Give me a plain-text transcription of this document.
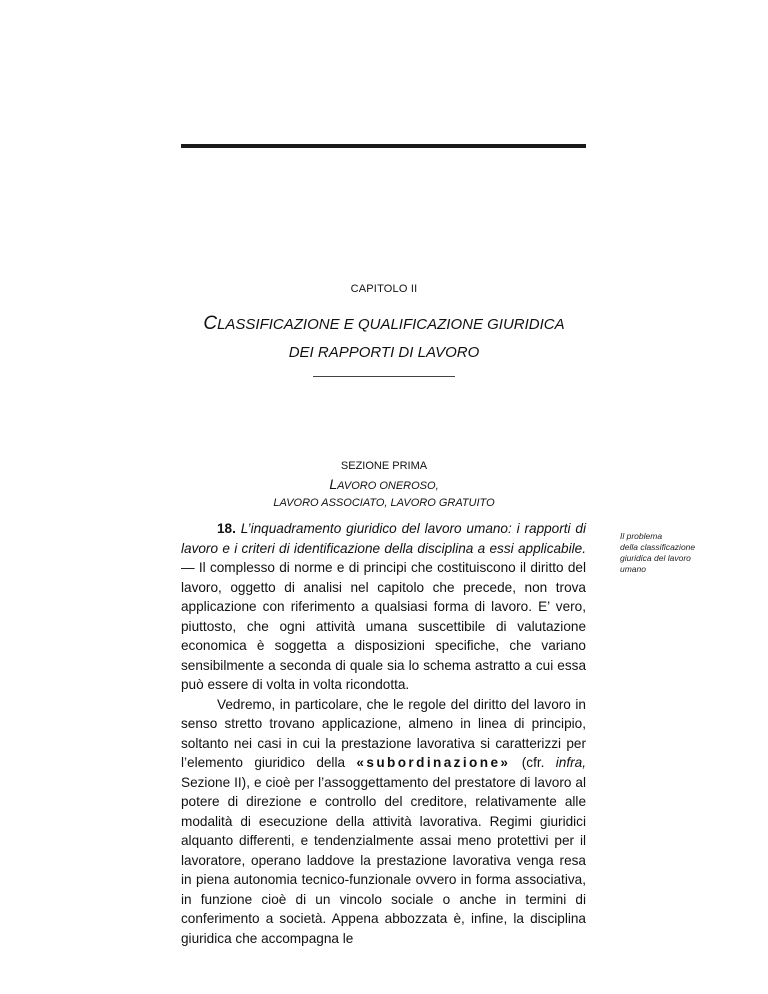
CAPITOLO II
CLASSIFICAZIONE E QUALIFICAZIONE GIURIDICA
DEI RAPPORTI DI LAVORO
SEZIONE PRIMA
LAVORO ONEROSO,
LAVORO ASSOCIATO, LAVORO GRATUITO

18. L’inquadramento giuridico del lavoro umano: i rapporti di lavoro e i criteri di identificazione della disciplina a essi applicabile. — Il complesso di norme e di principi che costituiscono il diritto del lavoro, oggetto di analisi nel capitolo che precede, non trova applicazione con riferimento a qualsiasi forma di lavoro. E’ vero, piuttosto, che ogni attività umana suscettibile di valutazione economica è soggetta a disposizioni specifiche, che variano sensibilmente a seconda di quale sia lo schema astratto a cui essa può essere di volta in volta ricondotta.

Vedremo, in particolare, che le regole del diritto del lavoro in senso stretto trovano applicazione, almeno in linea di principio, soltanto nei casi in cui la prestazione lavorativa si caratterizzi per l’elemento giuridico della «subordinazione» (cfr. infra, Sezione II), e cioè per l’assoggettamento del prestatore di lavoro al potere di direzione e controllo del creditore, relativamente alle modalità di esecuzione della attività lavorativa. Regimi giuridici alquanto differenti, e tendenzialmente assai meno protettivi per il lavoratore, operano laddove la prestazione lavorativa venga resa in piena autonomia tecnico-funzionale ovvero in forma associativa, in funzione cioè di un vincolo sociale o anche in termini di conferimento a società. Appena abbozzata è, infine, la disciplina giuridica che accompagna le

Il problema
della classificazione
giuridica del lavoro
umano
